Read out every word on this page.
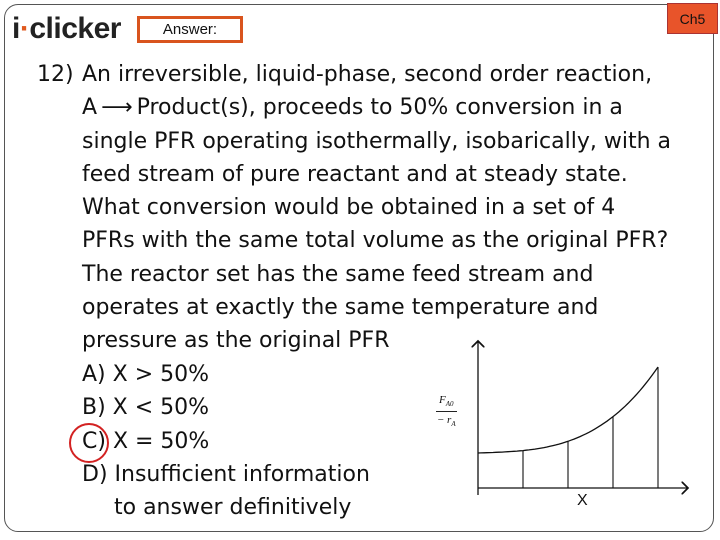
i · clicker	Answer:
Ch5
12) An irreversible, liquid-phase, second order reaction,
A ⟶ Product(s), proceeds to 50% conversion in a
single PFR operating isothermally, isobarically, with a
feed stream of pure reactant and at steady state.
What conversion would be obtained in a set of 4
PFRs with the same total volume as the original PFR?
The reactor set has the same feed stream and
operates at exactly the same temperature and
pressure as the original PFR
A) X > 50%
B) X < 50%
C) X = 50%
D) Insufficient information
to answer definitively
$\frac{F_{A0}}{- r_A}$
X
